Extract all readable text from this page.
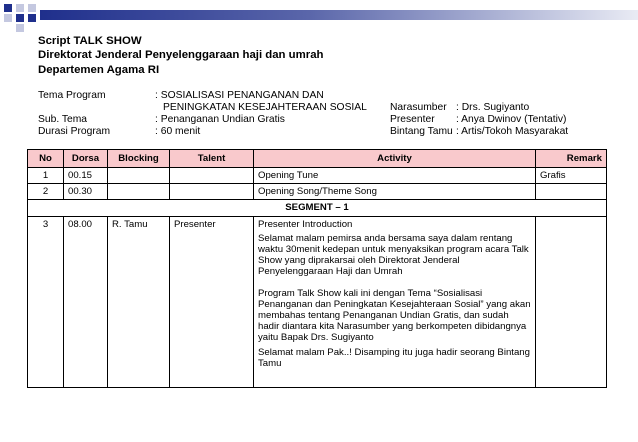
Script TALK SHOW
Direktorat Jenderal Penyelenggaraan haji dan umrah
Departemen Agama RI
Tema Program	: SOSIALISASI PENANGANAN DAN
PENINGKATAN KESEJAHTERAAN SOSIAL
Sub. Tema	: Penanganan Undian Gratis
Durasi Program	: 60 menit
Narasumber : Drs. Sugiyanto
Presenter : Anya Dwinov (Tentativ)
Bintang Tamu : Artis/Tokoh Masyarakat
No	Dorsa	Blocking	Talent	Activity	Remark
1	00.15			Opening Tune	Grafis
2	00.30			Opening Song/Theme Song	
SEGMENT – 1					
3	08.00	R. Tamu	Presenter	Presenter Introduction

Selamat malam pemirsa anda bersama saya dalam rentang waktu 30menit kedepan untuk menyaksikan program acara Talk Show yang diprakarsai oleh Direktorat Jenderal Penyelenggaraan Haji dan Umrah

Program Talk Show kali ini dengan Tema “Sosialisasi Penanganan dan Peningkatan Kesejahteraan Sosial” yang akan membahas tentang Penanganan Undian Gratis, dan sudah hadir diantara kita Narasumber yang berkompeten dibidangnya yaitu Bapak Drs. Sugiyanto

Selamat malam Pak..! Disamping itu juga hadir seorang Bintang Tamu	
